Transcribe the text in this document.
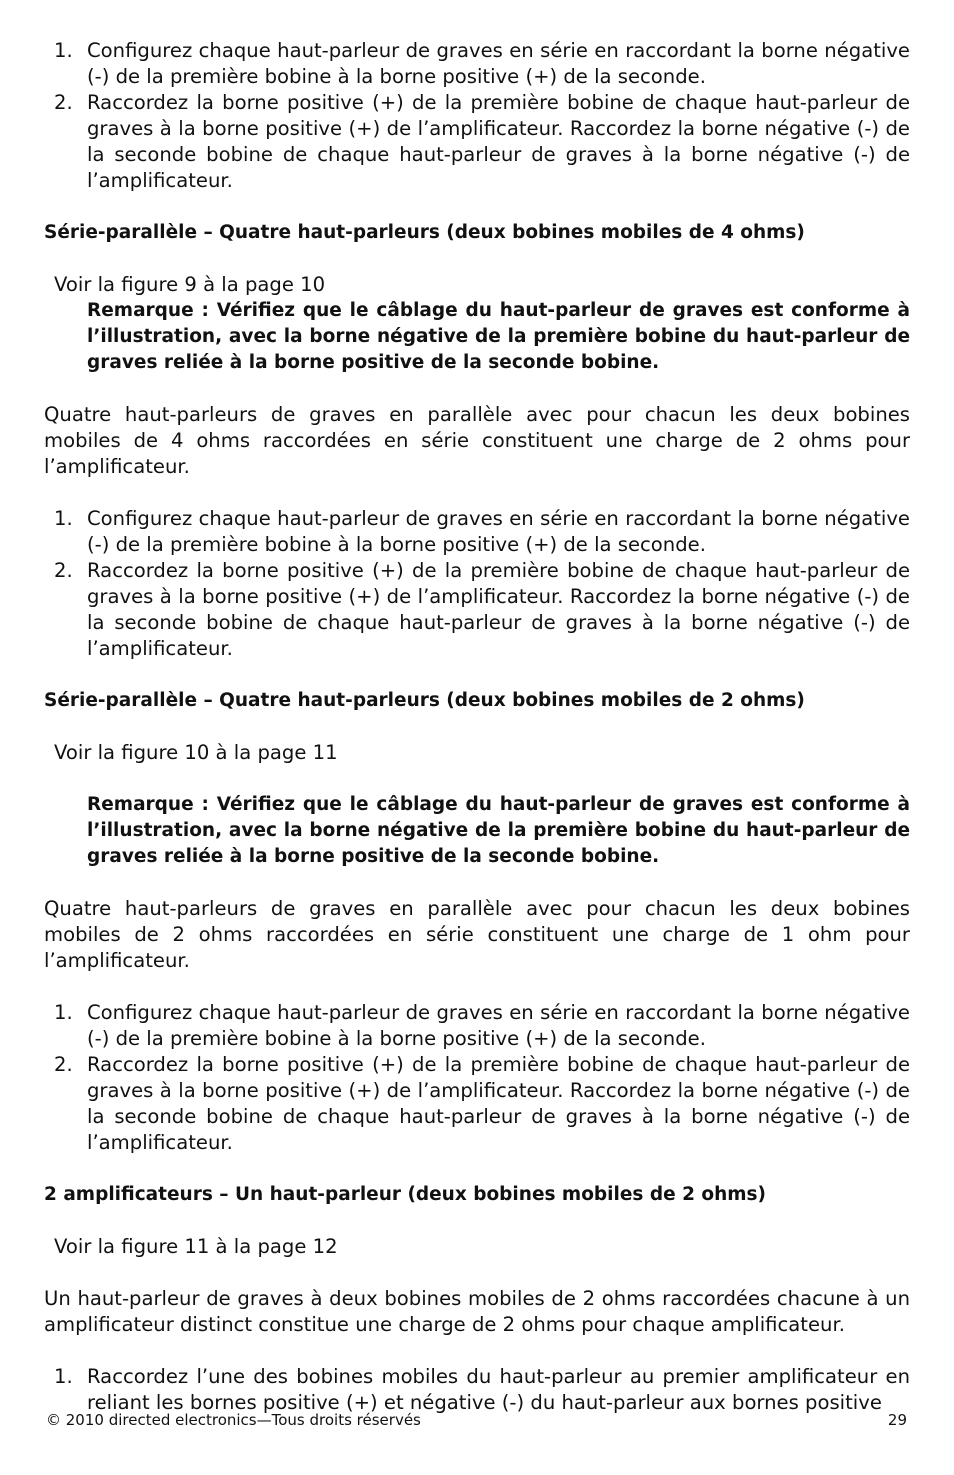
1. Configurez chaque haut-parleur de graves en série en raccordant la borne négative (-) de la première bobine à la borne positive (+) de la seconde.
2. Raccordez la borne positive (+) de la première bobine de chaque haut-parleur de graves à la borne positive (+) de l’amplificateur. Raccordez la borne négative (-) de la seconde bobine de chaque haut-parleur de graves à la borne négative (-) de l’amplificateur.
Série-parallèle – Quatre haut-parleurs (deux bobines mobiles de 4 ohms)
Voir la figure 9 à la page 10
Remarque : Vérifiez que le câblage du haut-parleur de graves est conforme à l’illustration, avec la borne négative de la première bobine du haut-parleur de graves reliée à la borne positive de la seconde bobine.
Quatre haut-parleurs de graves en parallèle avec pour chacun les deux bobines mobiles de 4 ohms raccordées en série constituent une charge de 2 ohms pour l’amplificateur.
1. Configurez chaque haut-parleur de graves en série en raccordant la borne négative (-) de la première bobine à la borne positive (+) de la seconde.
2. Raccordez la borne positive (+) de la première bobine de chaque haut-parleur de graves à la borne positive (+) de l’amplificateur. Raccordez la borne négative (-) de la seconde bobine de chaque haut-parleur de graves à la borne négative (-) de l’amplificateur.
Série-parallèle – Quatre haut-parleurs (deux bobines mobiles de 2 ohms)
Voir la figure 10 à la page 11
Remarque : Vérifiez que le câblage du haut-parleur de graves est conforme à l’illustration, avec la borne négative de la première bobine du haut-parleur de graves reliée à la borne positive de la seconde bobine.
Quatre haut-parleurs de graves en parallèle avec pour chacun les deux bobines mobiles de 2 ohms raccordées en série constituent une charge de 1 ohm pour l’amplificateur.
1. Configurez chaque haut-parleur de graves en série en raccordant la borne négative (-) de la première bobine à la borne positive (+) de la seconde.
2. Raccordez la borne positive (+) de la première bobine de chaque haut-parleur de graves à la borne positive (+) de l’amplificateur. Raccordez la borne négative (-) de la seconde bobine de chaque haut-parleur de graves à la borne négative (-) de l’amplificateur.
2 amplificateurs – Un haut-parleur (deux bobines mobiles de 2 ohms)
Voir la figure 11 à la page 12
Un haut-parleur de graves à deux bobines mobiles de 2 ohms raccordées chacune à un amplificateur distinct constitue une charge de 2 ohms pour chaque amplificateur.
1. Raccordez l’une des bobines mobiles du haut-parleur au premier amplificateur en reliant les bornes positive (+) et négative (-) du haut-parleur aux bornes positive
© 2010 directed electronics—Tous droits réservés	29
